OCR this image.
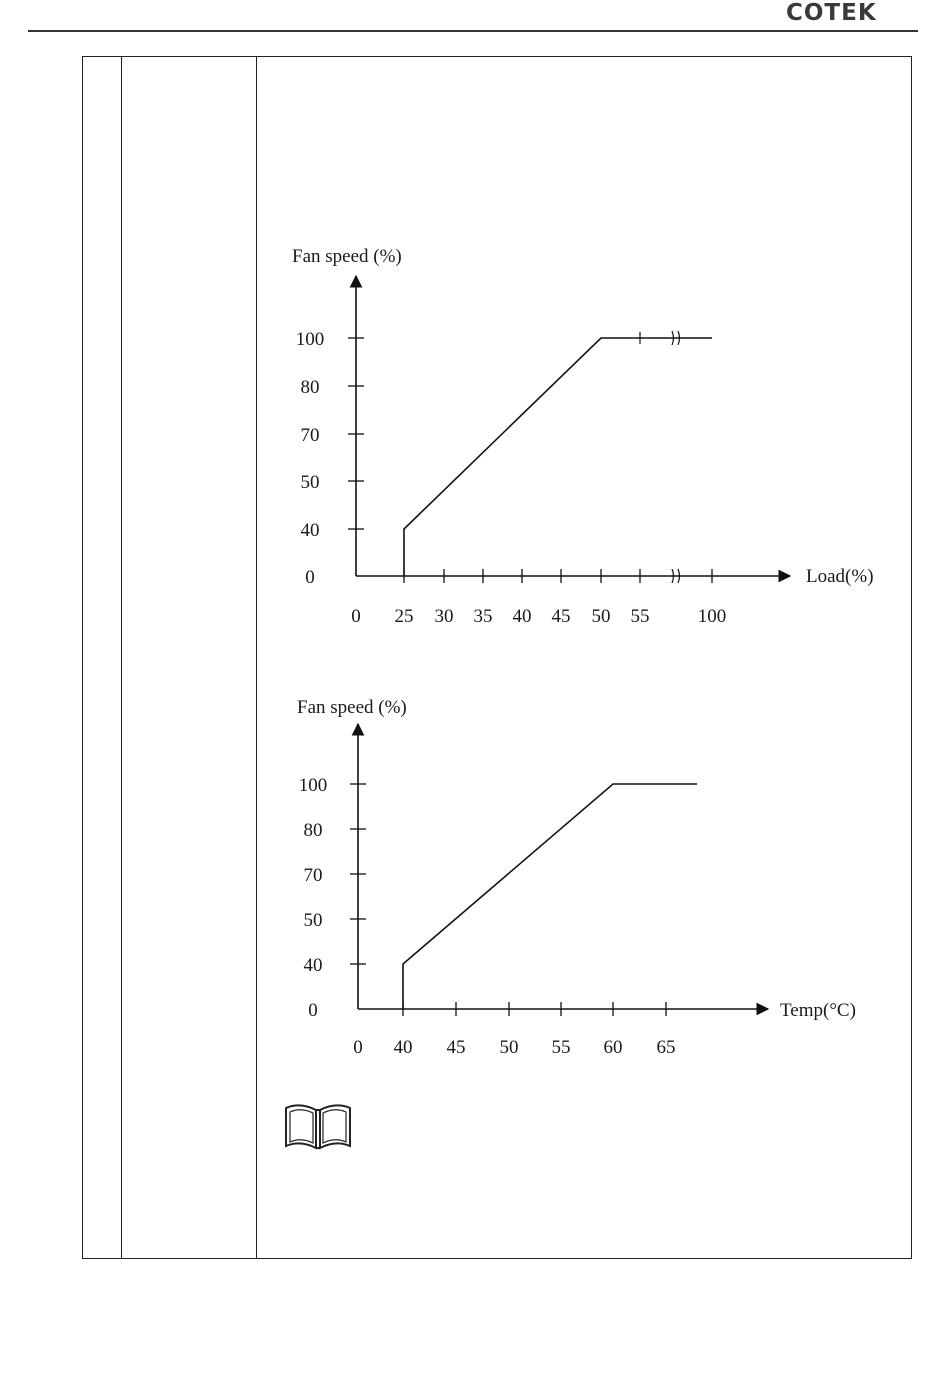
COTEK
Fan speed (%)
Load(%)
Fan speed (%)
Temp(°C)
0 25 30 35 40 45 50 55	100
0
40
50
70
80
100
0 40 45 50 55 60 65
0
40
50
70
80
100
